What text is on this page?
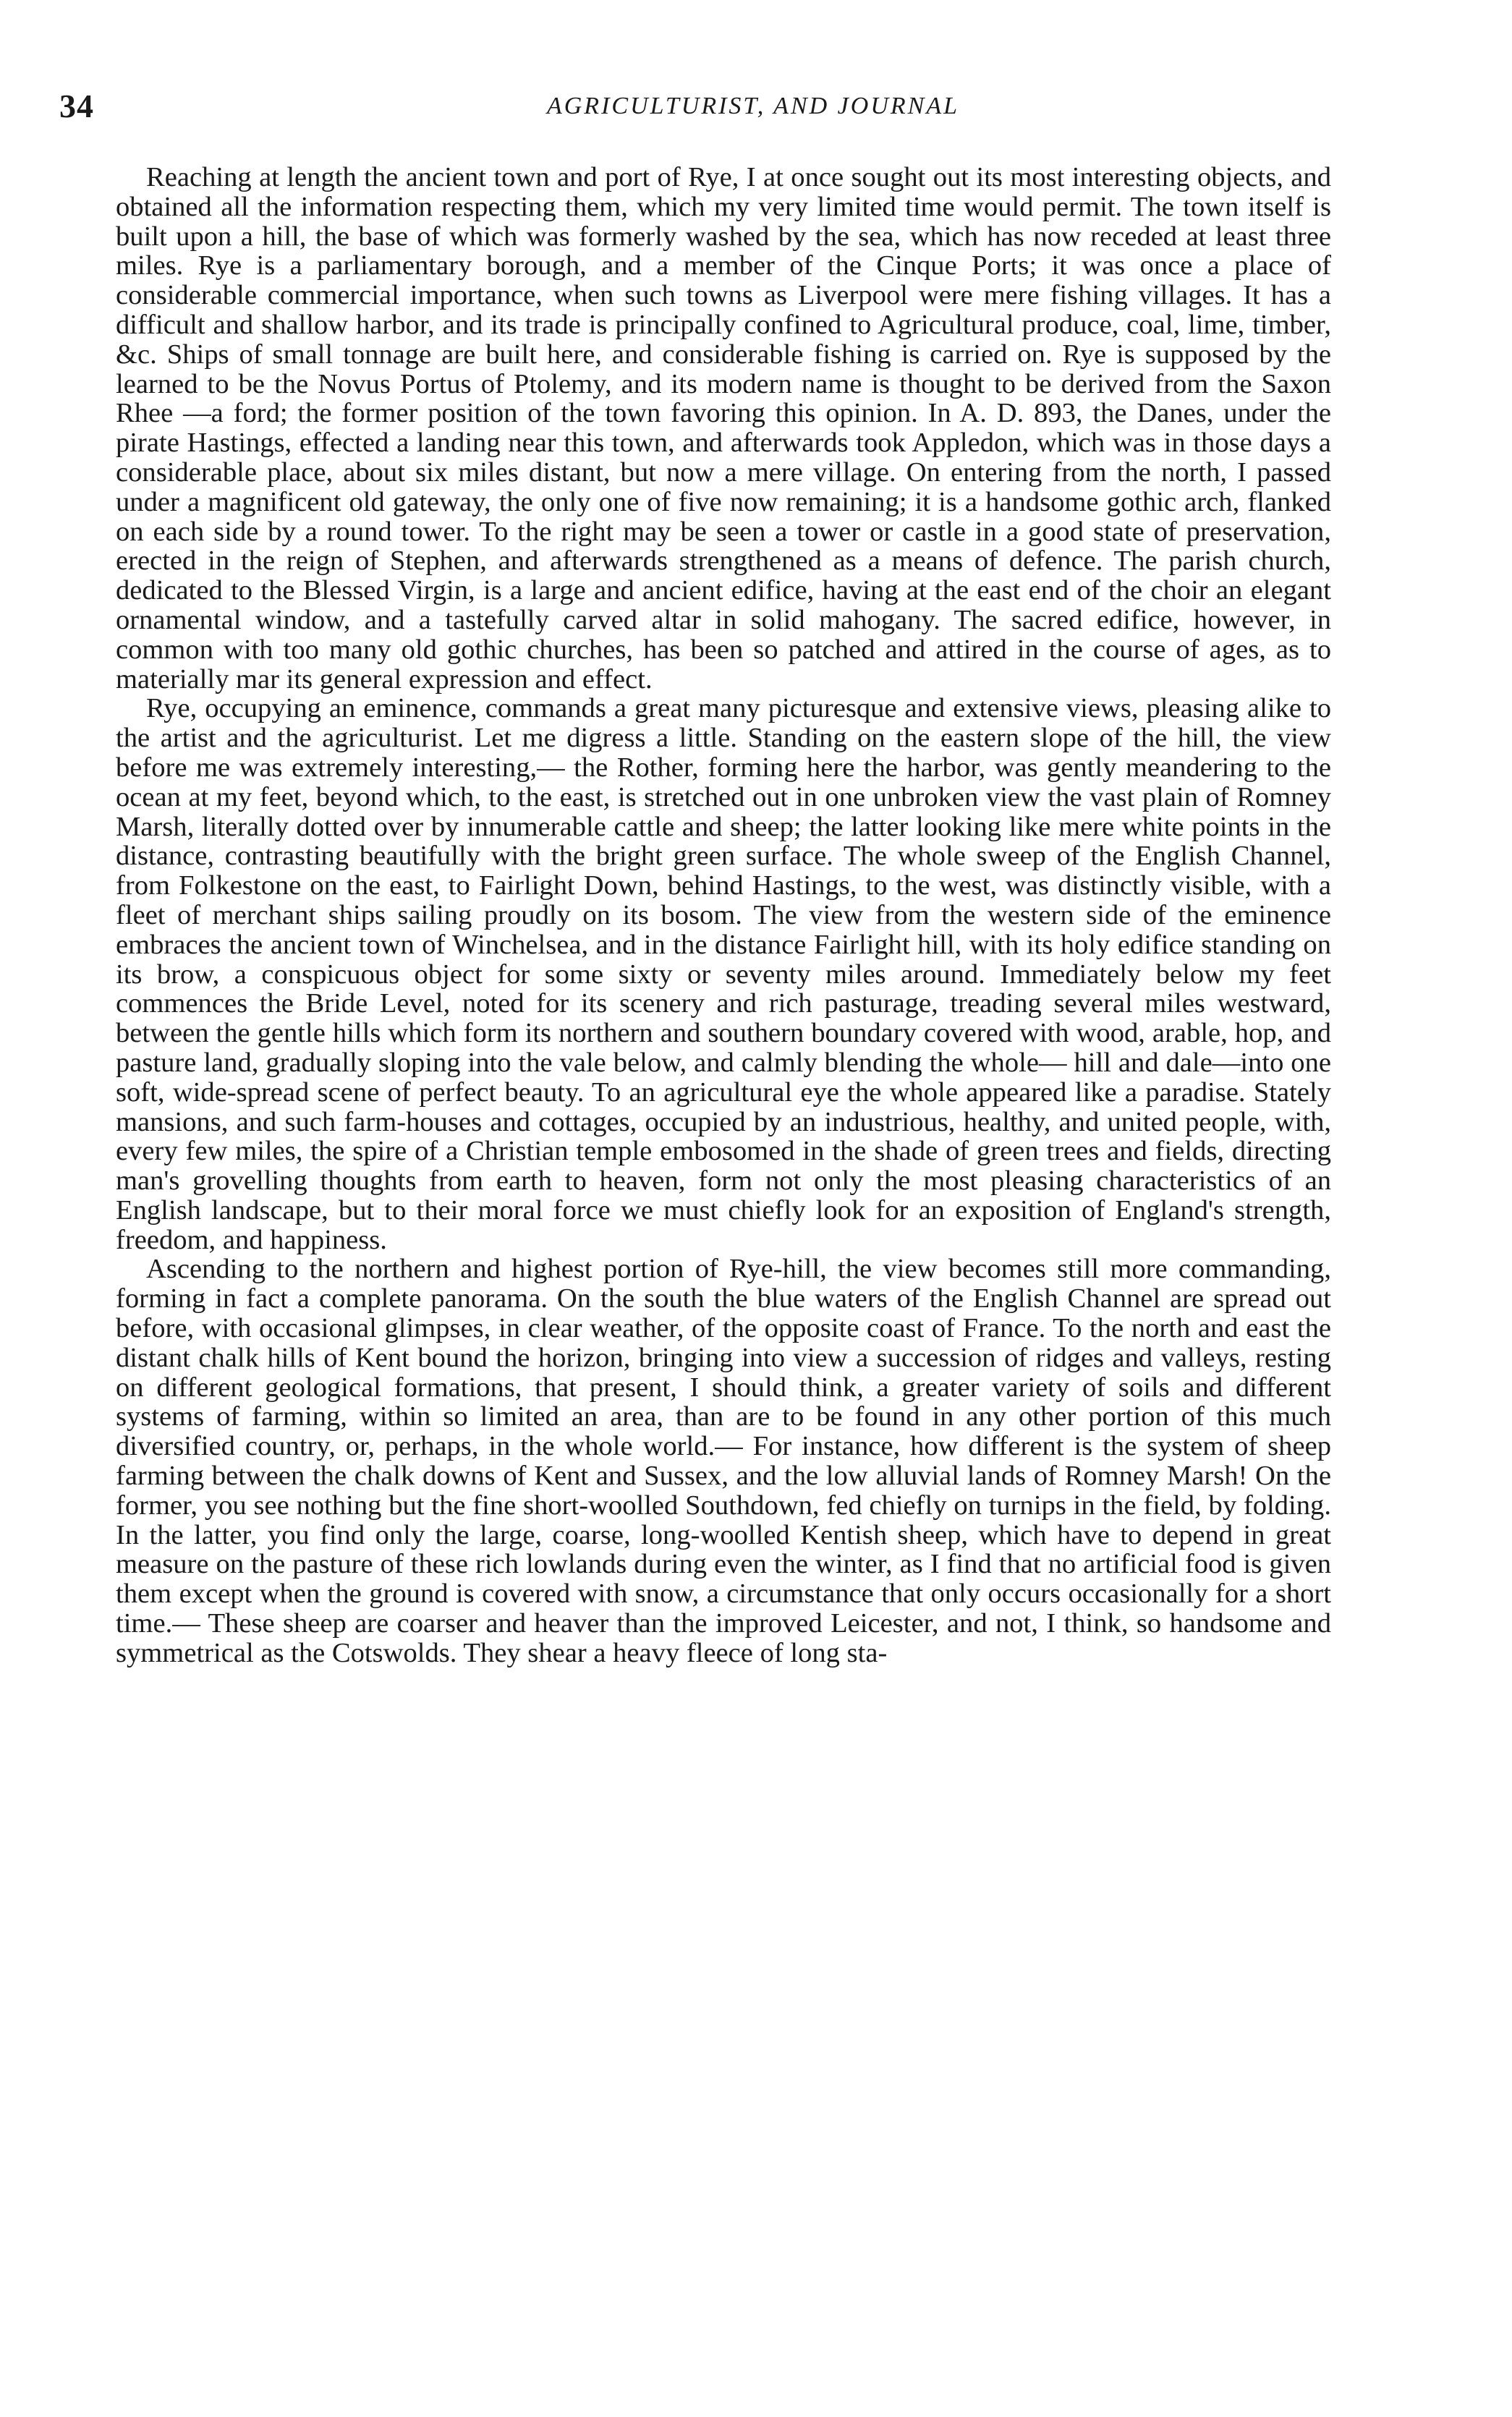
34	AGRICULTURIST, AND JOURNAL

Reaching at length the ancient town and port of Rye, I at once sought out its most interesting objects, and obtained all the information respecting them, which my very limited time would permit. The town itself is built upon a hill, the base of which was formerly washed by the sea, which has now receded at least three miles. Rye is a parliamentary borough, and a member of the Cinque Ports; it was once a place of considerable commercial importance, when such towns as Liverpool were mere fishing villages. It has a difficult and shallow harbor, and its trade is principally confined to Agricultural produce, coal, lime, timber, &c. Ships of small tonnage are built here, and considerable fishing is carried on. Rye is supposed by the learned to be the Novus Portus of Ptolemy, and its modern name is thought to be derived from the Saxon Rhee —a ford; the former position of the town favoring this opinion. In A. D. 893, the Danes, under the pirate Hastings, effected a landing near this town, and afterwards took Appledon, which was in those days a considerable place, about six miles distant, but now a mere village. On entering from the north, I passed under a magnificent old gateway, the only one of five now remaining; it is a handsome gothic arch, flanked on each side by a round tower. To the right may be seen a tower or castle in a good state of preservation, erected in the reign of Stephen, and afterwards strengthened as a means of defence. The parish church, dedicated to the Blessed Virgin, is a large and ancient edifice, having at the east end of the choir an elegant ornamental window, and a tastefully carved altar in solid mahogany. The sacred edifice, however, in common with too many old gothic churches, has been so patched and attired in the course of ages, as to materially mar its general expression and effect.

Rye, occupying an eminence, commands a great many picturesque and extensive views, pleasing alike to the artist and the agriculturist. Let me digress a little. Standing on the eastern slope of the hill, the view before me was extremely interesting,— the Rother, forming here the harbor, was gently meandering to the ocean at my feet, beyond which, to the east, is stretched out in one unbroken view the vast plain of Romney Marsh, literally dotted over by innumerable cattle and sheep; the latter looking like mere white points in the distance, contrasting beautifully with the bright green surface. The whole sweep of the English Channel, from Folkestone on the east, to Fairlight Down, behind Hastings, to the west, was distinctly visible, with a fleet of merchant ships sailing proudly on its bosom. The view from the western side of the eminence embraces the ancient town of Winchelsea, and in the distance Fairlight hill, with its holy edifice standing on its brow, a conspicuous object for some sixty or seventy miles around. Immediately below my feet commences the Bride Level, noted for its scenery and rich pasturage, treading several miles westward, between the gentle hills which form its northern and southern boundary covered with wood, arable, hop, and pasture land, gradually sloping into the vale below, and calmly blending the whole— hill and dale—into one soft, wide-spread scene of perfect beauty. To an agricultural eye the whole appeared like a paradise. Stately mansions, and such farm-houses and cottages, occupied by an industrious, healthy, and united people, with, every few miles, the spire of a Christian temple embosomed in the shade of green trees and fields, directing man's grovelling thoughts from earth to heaven, form not only the most pleasing characteristics of an English landscape, but to their moral force we must chiefly look for an exposition of England's strength, freedom, and happiness.

Ascending to the northern and highest portion of Rye-hill, the view becomes still more commanding, forming in fact a complete panorama. On the south the blue waters of the English Channel are spread out before, with occasional glimpses, in clear weather, of the opposite coast of France. To the north and east the distant chalk hills of Kent bound the horizon, bringing into view a succession of ridges and valleys, resting on different geological formations, that present, I should think, a greater variety of soils and different systems of farming, within so limited an area, than are to be found in any other portion of this much diversified country, or, perhaps, in the whole world.— For instance, how different is the system of sheep farming between the chalk downs of Kent and Sussex, and the low alluvial lands of Romney Marsh! On the former, you see nothing but the fine short-woolled Southdown, fed chiefly on turnips in the field, by folding. In the latter, you find only the large, coarse, long-woolled Kentish sheep, which have to depend in great measure on the pasture of these rich lowlands during even the winter, as I find that no artificial food is given them except when the ground is covered with snow, a circumstance that only occurs occasionally for a short time.— These sheep are coarser and heaver than the improved Leicester, and not, I think, so handsome and symmetrical as the Cotswolds. They shear a heavy fleece of long sta-
